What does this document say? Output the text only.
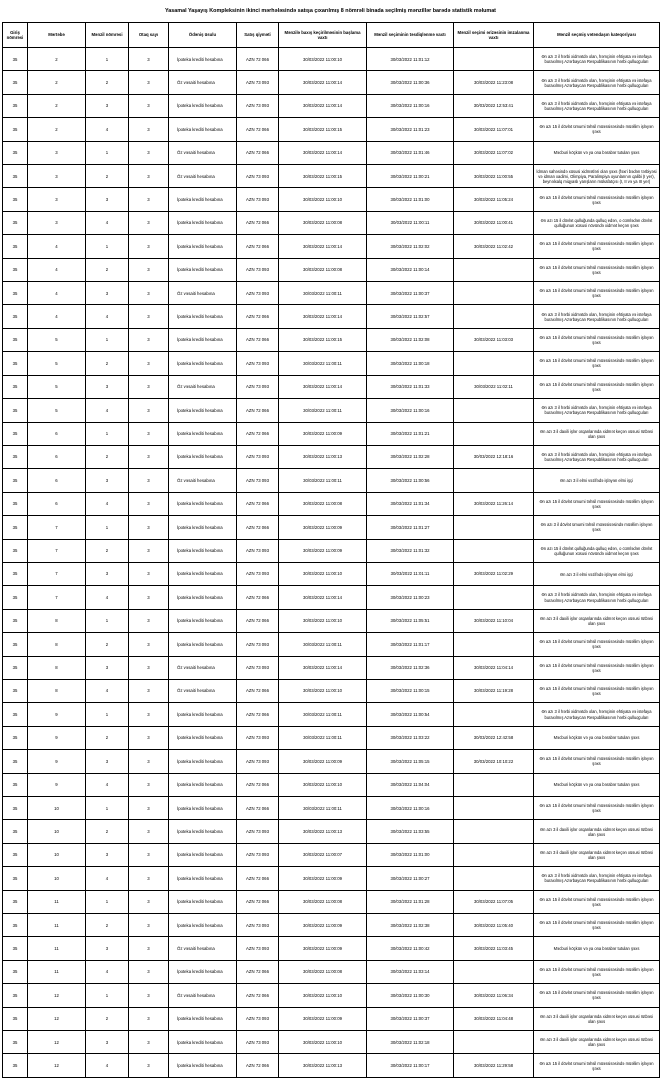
Yasamal Yaşayış Kompleksinin ikinci mərhələsində satışa çıxarılmış 8 nömrəli binada seçilmiş mənzillər barədə statistik məlumat
Giriş nömrəsi	Mərtəbə	Mənzil nömrəsi	Otaq sayı	Ödəniş üsulu	Satış qiyməti	Mənzilə baxış keçirilməsinin başlama vaxtı	Mənzil seçiminin təsdiqlənmə vaxtı	Mənzil seçimi ərizəsinin imzalanma vaxtı	Mənzil seçmiş vətəndaşın kateqoriyası
35	2	1	3	İpoteka krediti hesabına	AZN 72 066	30/03/2022 11:00:10	30/03/2022 11:01:12		Ən azı 3 il hərbi xidmətdə olan, həmçinin ehtiyata və istefaya buraxılmış Azərbaycan Respublikasının hərbi qulluqçuları
35	2	2	3	Öz vəsaiti hesabına	AZN 73 093	30/03/2022 11:00:14	30/03/2022 11:00:36	30/03/2022 11:23:08	Ən azı 3 il hərbi xidmətdə olan, həmçinin ehtiyata və istefaya buraxılmış Azərbaycan Respublikasının hərbi qulluqçuları
35	2	3	3	İpoteka krediti hesabına	AZN 73 093	30/03/2022 11:00:14	30/03/2022 11:00:16	30/03/2022 12:53:41	Ən azı 3 il hərbi xidmətdə olan, həmçinin ehtiyata və istefaya buraxılmış Azərbaycan Respublikasının hərbi qulluqçuları
35	2	4	3	İpoteka krediti hesabına	AZN 72 066	30/03/2022 11:00:15	30/03/2022 11:01:23	30/03/2022 11:07:01	Ən azı 15 il dövlət ümumi təhsil müəssisəsində müəllim işləyən şəxs
35	3	1	3	Öz vəsaiti hesabına	AZN 72 066	30/03/2022 11:00:14	30/03/2022 11:01:46	30/03/2022 11:07:02	Məcburi köçkün və ya ona bərabər tutulan şəxs
35	3	2	3	Öz vəsaiti hesabına	AZN 73 093	30/03/2022 11:00:15	30/03/2022 11:00:21	30/03/2022 11:00:55	İdman sahəsində xüsusi xidmətləri olan şəxs (fəxri bədən tərbiyəsi və idman xadimi, Olimpiya, Paralimpiya oyunlarının qalibi (I yer), beynəlxalq miqyaslı yarışların mükafatçısı (I, II və ya III yer)
35	3	3	3	İpoteka krediti hesabına	AZN 73 093	30/03/2022 11:00:10	30/03/2022 11:01:00	30/03/2022 11:05:24	Ən azı 15 il dövlət ümumi təhsil müəssisəsində müəllim işləyən şəxs
35	3	4	3	İpoteka krediti hesabına	AZN 72 066	30/03/2022 11:00:08	30/03/2022 11:00:11	30/03/2022 11:00:41	Ən azı 15 il dövlət qulluğunda qulluq edən, o cümlədən dövlət qulluğunun xüsusi növündə xidmət keçən şəxs
35	4	1	3	İpoteka krediti hesabına	AZN 72 066	30/03/2022 11:00:14	30/03/2022 11:02:02	30/03/2022 11:02:42	Ən azı 15 il dövlət ümumi təhsil müəssisəsində müəllim işləyən şəxs
35	4	2	3	İpoteka krediti hesabına	AZN 73 093	30/03/2022 11:00:08	30/03/2022 11:00:14		Ən azı 15 il dövlət ümumi təhsil müəssisəsində müəllim işləyən şəxs
35	4	3	3	Öz vəsaiti hesabına	AZN 73 093	30/03/2022 11:00:11	30/03/2022 11:00:37		Ən azı 15 il dövlət ümumi təhsil müəssisəsində müəllim işləyən şəxs
35	4	4	3	İpoteka krediti hesabına	AZN 72 066	30/03/2022 11:00:14	30/03/2022 11:02:57		Ən azı 3 il hərbi xidmətdə olan, həmçinin ehtiyata və istefaya buraxılmış Azərbaycan Respublikasının hərbi qulluqçuları
35	5	1	3	İpoteka krediti hesabına	AZN 72 066	30/03/2022 11:00:15	30/03/2022 11:02:08	30/03/2022 11:03:03	Ən azı 15 il dövlət ümumi təhsil müəssisəsində müəllim işləyən şəxs
35	5	2	3	İpoteka krediti hesabına	AZN 73 093	30/03/2022 11:00:11	30/03/2022 11:00:18		Ən azı 15 il dövlət ümumi təhsil müəssisəsində müəllim işləyən şəxs
35	5	3	3	Öz vəsaiti hesabına	AZN 73 093	30/03/2022 11:00:14	30/03/2022 11:01:33	30/03/2022 11:02:11	Ən azı 15 il dövlət ümumi təhsil müəssisəsində müəllim işləyən şəxs
35	5	4	3	İpoteka krediti hesabına	AZN 72 066	30/03/2022 11:00:11	30/03/2022 11:00:16		Ən azı 3 il hərbi xidmətdə olan, həmçinin ehtiyata və istefaya buraxılmış Azərbaycan Respublikasının hərbi qulluqçuları
35	6	1	3	İpoteka krediti hesabına	AZN 72 066	30/03/2022 11:00:09	30/03/2022 11:01:21		Ən azı 3 il daxili işlər orqanlarında xidmət keçən xüsusi rütbəsi olan şəxs
35	6	2	3	İpoteka krediti hesabına	AZN 73 093	30/03/2022 11:00:13	30/03/2022 11:02:28	30/03/2022 12:18:16	Ən azı 3 il hərbi xidmətdə olan, həmçinin ehtiyata və istefaya buraxılmış Azərbaycan Respublikasının hərbi qulluqçuları
35	6	3	3	Öz vəsaiti hesabına	AZN 73 093	30/03/2022 11:00:11	30/03/2022 11:00:56		Ən azı 3 il elmi vəzifədə işləyən elmi işçi
35	6	4	3	İpoteka krediti hesabına	AZN 72 066	30/03/2022 11:00:08	30/03/2022 11:01:34	30/03/2022 11:26:14	Ən azı 15 il dövlət ümumi təhsil müəssisəsində müəllim işləyən şəxs
35	7	1	3	İpoteka krediti hesabına	AZN 72 066	30/03/2022 11:00:09	30/03/2022 11:01:27		Ən azı 3 il dövlət ümumi təhsil müəssisəsində müəllim işləyən şəxs
35	7	2	3	İpoteka krediti hesabına	AZN 73 093	30/03/2022 11:00:09	30/03/2022 11:01:32		Ən azı 15 il dövlət qulluğunda qulluq edən, o cümlədən dövlət qulluğunun xüsusi növündə xidmət keçən şəxs
35	7	3	3	İpoteka krediti hesabına	AZN 73 093	30/03/2022 11:00:10	30/03/2022 11:01:11	30/03/2022 11:02:29	Ən azı 3 il elmi vəzifədə işləyən elmi işçi
35	7	4	3	İpoteka krediti hesabına	AZN 72 066	30/03/2022 11:00:14	30/03/2022 11:00:23		Ən azı 3 il hərbi xidmətdə olan, həmçinin ehtiyata və istefaya buraxılmış Azərbaycan Respublikasının hərbi qulluqçuları
35	8	1	3	İpoteka krediti hesabına	AZN 72 066	30/03/2022 11:00:10	30/03/2022 11:05:51	30/03/2022 11:10:04	Ən azı 3 il daxili işlər orqanlarında xidmət keçən xüsusi rütbəsi olan şəxs
35	8	2	3	İpoteka krediti hesabına	AZN 73 093	30/03/2022 11:00:11	30/03/2022 11:01:17		Ən azı 15 il dövlət ümumi təhsil müəssisəsində müəllim işləyən şəxs
35	8	3	3	Öz vəsaiti hesabına	AZN 73 093	30/03/2022 11:00:14	30/03/2022 11:02:36	30/03/2022 11:04:14	Ən azı 15 il dövlət ümumi təhsil müəssisəsində müəllim işləyən şəxs
35	8	4	3	Öz vəsaiti hesabına	AZN 72 066	30/03/2022 11:00:10	30/03/2022 11:00:15	30/03/2022 11:19:28	Ən azı 15 il dövlət ümumi təhsil müəssisəsində müəllim işləyən şəxs
35	9	1	3	İpoteka krediti hesabına	AZN 72 066	30/03/2022 11:00:11	30/03/2022 11:00:54		Ən azı 3 il hərbi xidmətdə olan, həmçinin ehtiyata və istefaya buraxılmış Azərbaycan Respublikasının hərbi qulluqçuları
35	9	2	3	İpoteka krediti hesabına	AZN 73 093	30/03/2022 11:00:11	30/03/2022 11:03:22	30/03/2022 12:42:58	Məcburi köçkün və ya ona bərabər tutulan şəxs
35	9	3	3	İpoteka krediti hesabına	AZN 73 093	30/03/2022 11:00:09	30/03/2022 11:05:15	30/03/2022 10:10:22	Ən azı 15 il dövlət ümumi təhsil müəssisəsində müəllim işləyən şəxs
35	9	4	3	İpoteka krediti hesabına	AZN 72 066	30/03/2022 11:00:10	30/03/2022 11:04:04		Məcburi köçkün və ya ona bərabər tutulan şəxs
35	10	1	3	İpoteka krediti hesabına	AZN 72 066	30/03/2022 11:00:11	30/03/2022 11:00:16		Ən azı 15 il dövlət ümumi təhsil müəssisəsində müəllim işləyən şəxs
35	10	2	3	İpoteka krediti hesabına	AZN 73 093	30/03/2022 11:00:13	30/03/2022 11:03:55		Ən azı 3 il daxili işlər orqanlarında xidmət keçən xüsusi rütbəsi olan şəxs
35	10	3	3	İpoteka krediti hesabına	AZN 73 093	30/03/2022 11:00:07	30/03/2022 11:01:00		Ən azı 3 il daxili işlər orqanlarında xidmət keçən xüsusi rütbəsi olan şəxs
35	10	4	3	İpoteka krediti hesabına	AZN 72 066	30/03/2022 11:00:09	30/03/2022 11:00:27		Ən azı 3 il hərbi xidmətdə olan, həmçinin ehtiyata və istefaya buraxılmış Azərbaycan Respublikasının hərbi qulluqçuları
35	11	1	3	İpoteka krediti hesabına	AZN 72 066	30/03/2022 11:00:08	30/03/2022 11:01:28	30/03/2022 11:07:05	Ən azı 15 il dövlət ümumi təhsil müəssisəsində müəllim işləyən şəxs
35	11	2	3	İpoteka krediti hesabına	AZN 73 093	30/03/2022 11:00:09	30/03/2022 11:02:38	30/03/2022 11:05:40	Ən azı 15 il dövlət ümumi təhsil müəssisəsində müəllim işləyən şəxs
35	11	3	3	Öz vəsaiti hesabına	AZN 73 093	30/03/2022 11:00:09	30/03/2022 11:00:42	30/03/2022 11:03:45	Məcburi köçkün və ya ona bərabər tutulan şəxs
35	11	4	3	İpoteka krediti hesabına	AZN 72 066	30/03/2022 11:00:08	30/03/2022 11:03:14		Ən azı 15 il dövlət ümumi təhsil müəssisəsində müəllim işləyən şəxs
35	12	1	3	Öz vəsaiti hesabına	AZN 72 066	30/03/2022 11:00:10	30/03/2022 11:00:30	30/03/2022 11:06:34	Ən azı 15 il dövlət ümumi təhsil müəssisəsində müəllim işləyən şəxs
35	12	2	3	İpoteka krediti hesabına	AZN 73 093	30/03/2022 11:00:09	30/03/2022 11:00:37	30/03/2022 11:04:48	Ən azı 3 il daxili işlər orqanlarında xidmət keçən xüsusi rütbəsi olan şəxs
35	12	3	3	İpoteka krediti hesabına	AZN 73 093	30/03/2022 11:00:10	30/03/2022 11:02:18		Ən azı 3 il daxili işlər orqanlarında xidmət keçən xüsusi rütbəsi olan şəxs
35	12	4	3	İpoteka krediti hesabına	AZN 72 066	30/03/2022 11:00:13	30/03/2022 11:00:17	30/03/2022 11:29:58	Ən azı 15 il dövlət ümumi təhsil müəssisəsində müəllim işləyən şəxs
